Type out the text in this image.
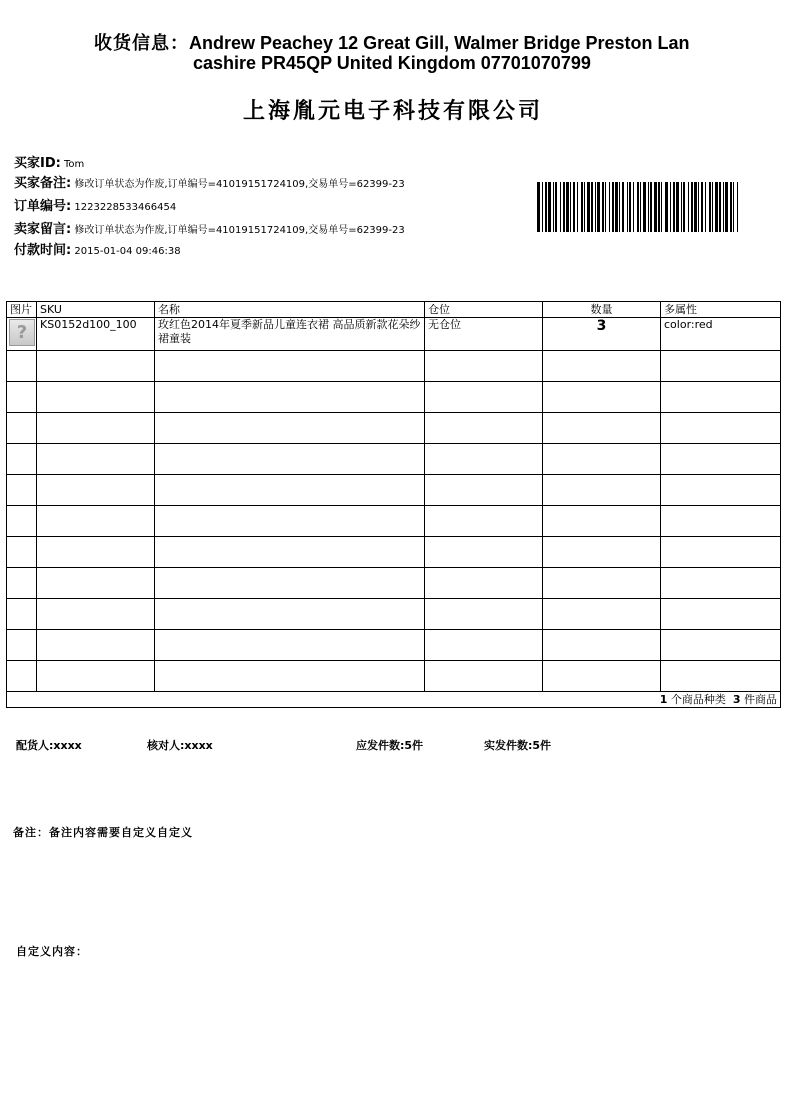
收货信息：Andrew Peachey 12 Great Gill, Walmer Bridge Preston Lan
cashire PR45QP United Kingdom 07701070799
上海胤元电子科技有限公司
买家ID: Tom
买家备注: 修改订单状态为作废,订单编号=41019151724109,交易单号=62399-23
订单编号: 1223228533466454
卖家留言: 修改订单状态为作废,订单编号=41019151724109,交易单号=62399-23
付款时间: 2015-01-04 09:46:38
图片	SKU	名称	仓位	数量	多属性

?	KS0152d100_100	玫红色2014年夏季新品儿童连衣裙 高品质新款花朵纱裙童装	无仓位	3	color:red

1 个商品种类 3 件商品					
配货人:xxxx	核对人:xxxx	应发件数:5件	实发件数:5件
备注：备注内容需要自定义自定义
自定义内容：
